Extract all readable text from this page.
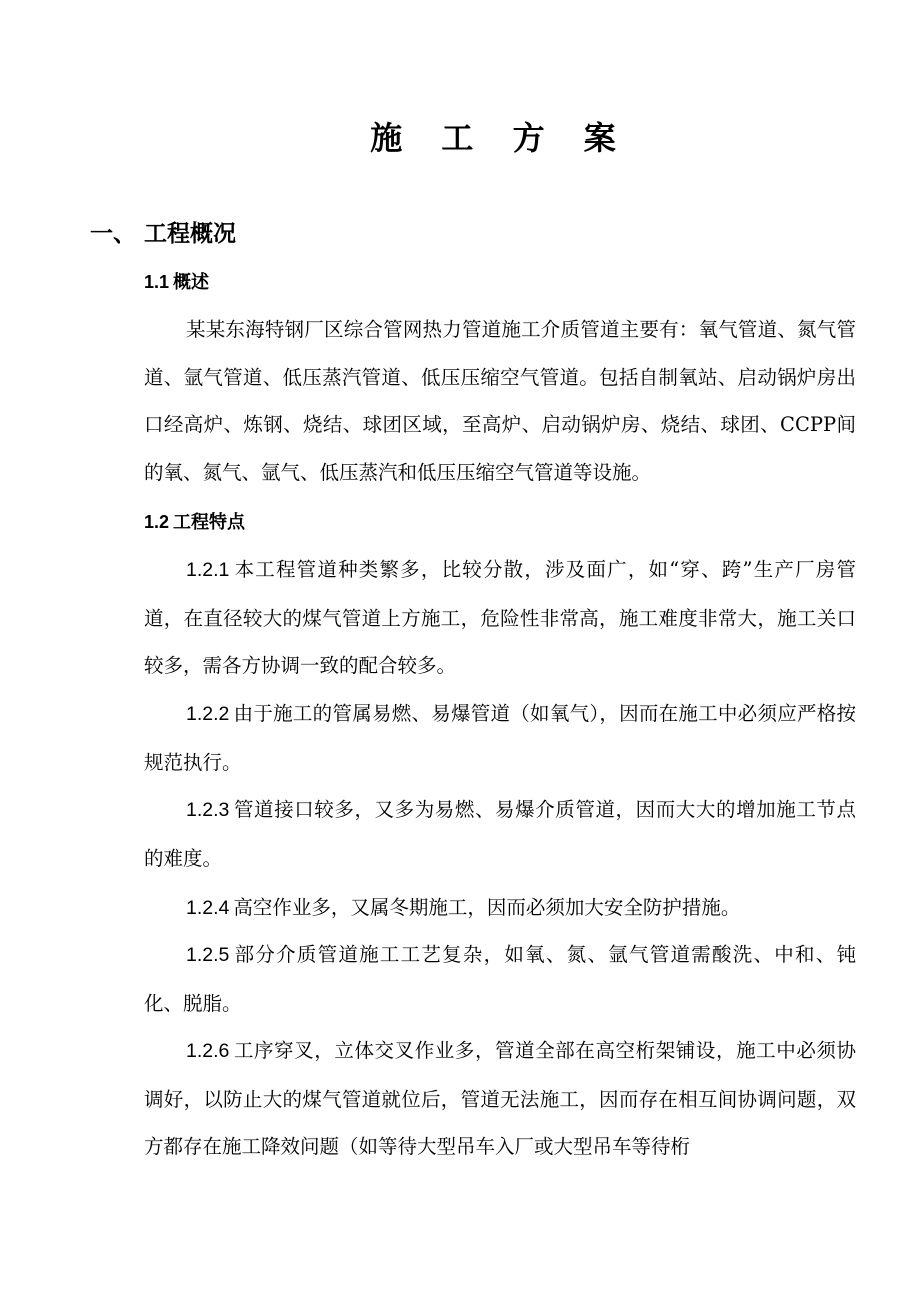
施 工 方 案
一、 工程概况
1.1 概述

某某东海特钢厂区综合管网热力管道施工介质管道主要有：氧气管道、氮气管道、氩气管道、低压蒸汽管道、低压压缩空气管道。包括自制氧站、启动锅炉房出口经高炉、炼钢、烧结、球团区域，至高炉、启动锅炉房、烧结、球团、CCPP间的氧、氮气、氩气、低压蒸汽和低压压缩空气管道等设施。

1.2 工程特点

1.2.1 本工程管道种类繁多，比较分散，涉及面广，如“穿、跨”生产厂房管道，在直径较大的煤气管道上方施工，危险性非常高，施工难度非常大，施工关口较多，需各方协调一致的配合较多。

1.2.2 由于施工的管属易燃、易爆管道（如氧气），因而在施工中必须应严格按规范执行。

1.2.3 管道接口较多，又多为易燃、易爆介质管道，因而大大的增加施工节点的难度。

1.2.4 高空作业多，又属冬期施工，因而必须加大安全防护措施。

1.2.5 部分介质管道施工工艺复杂，如氧、氮、氩气管道需酸洗、中和、钝化、脱脂。

1.2.6 工序穿叉，立体交叉作业多，管道全部在高空桁架铺设，施工中必须协调好，以防止大的煤气管道就位后，管道无法施工，因而存在相互间协调问题，双方都存在施工降效问题（如等待大型吊车入厂或大型吊车等待桁
